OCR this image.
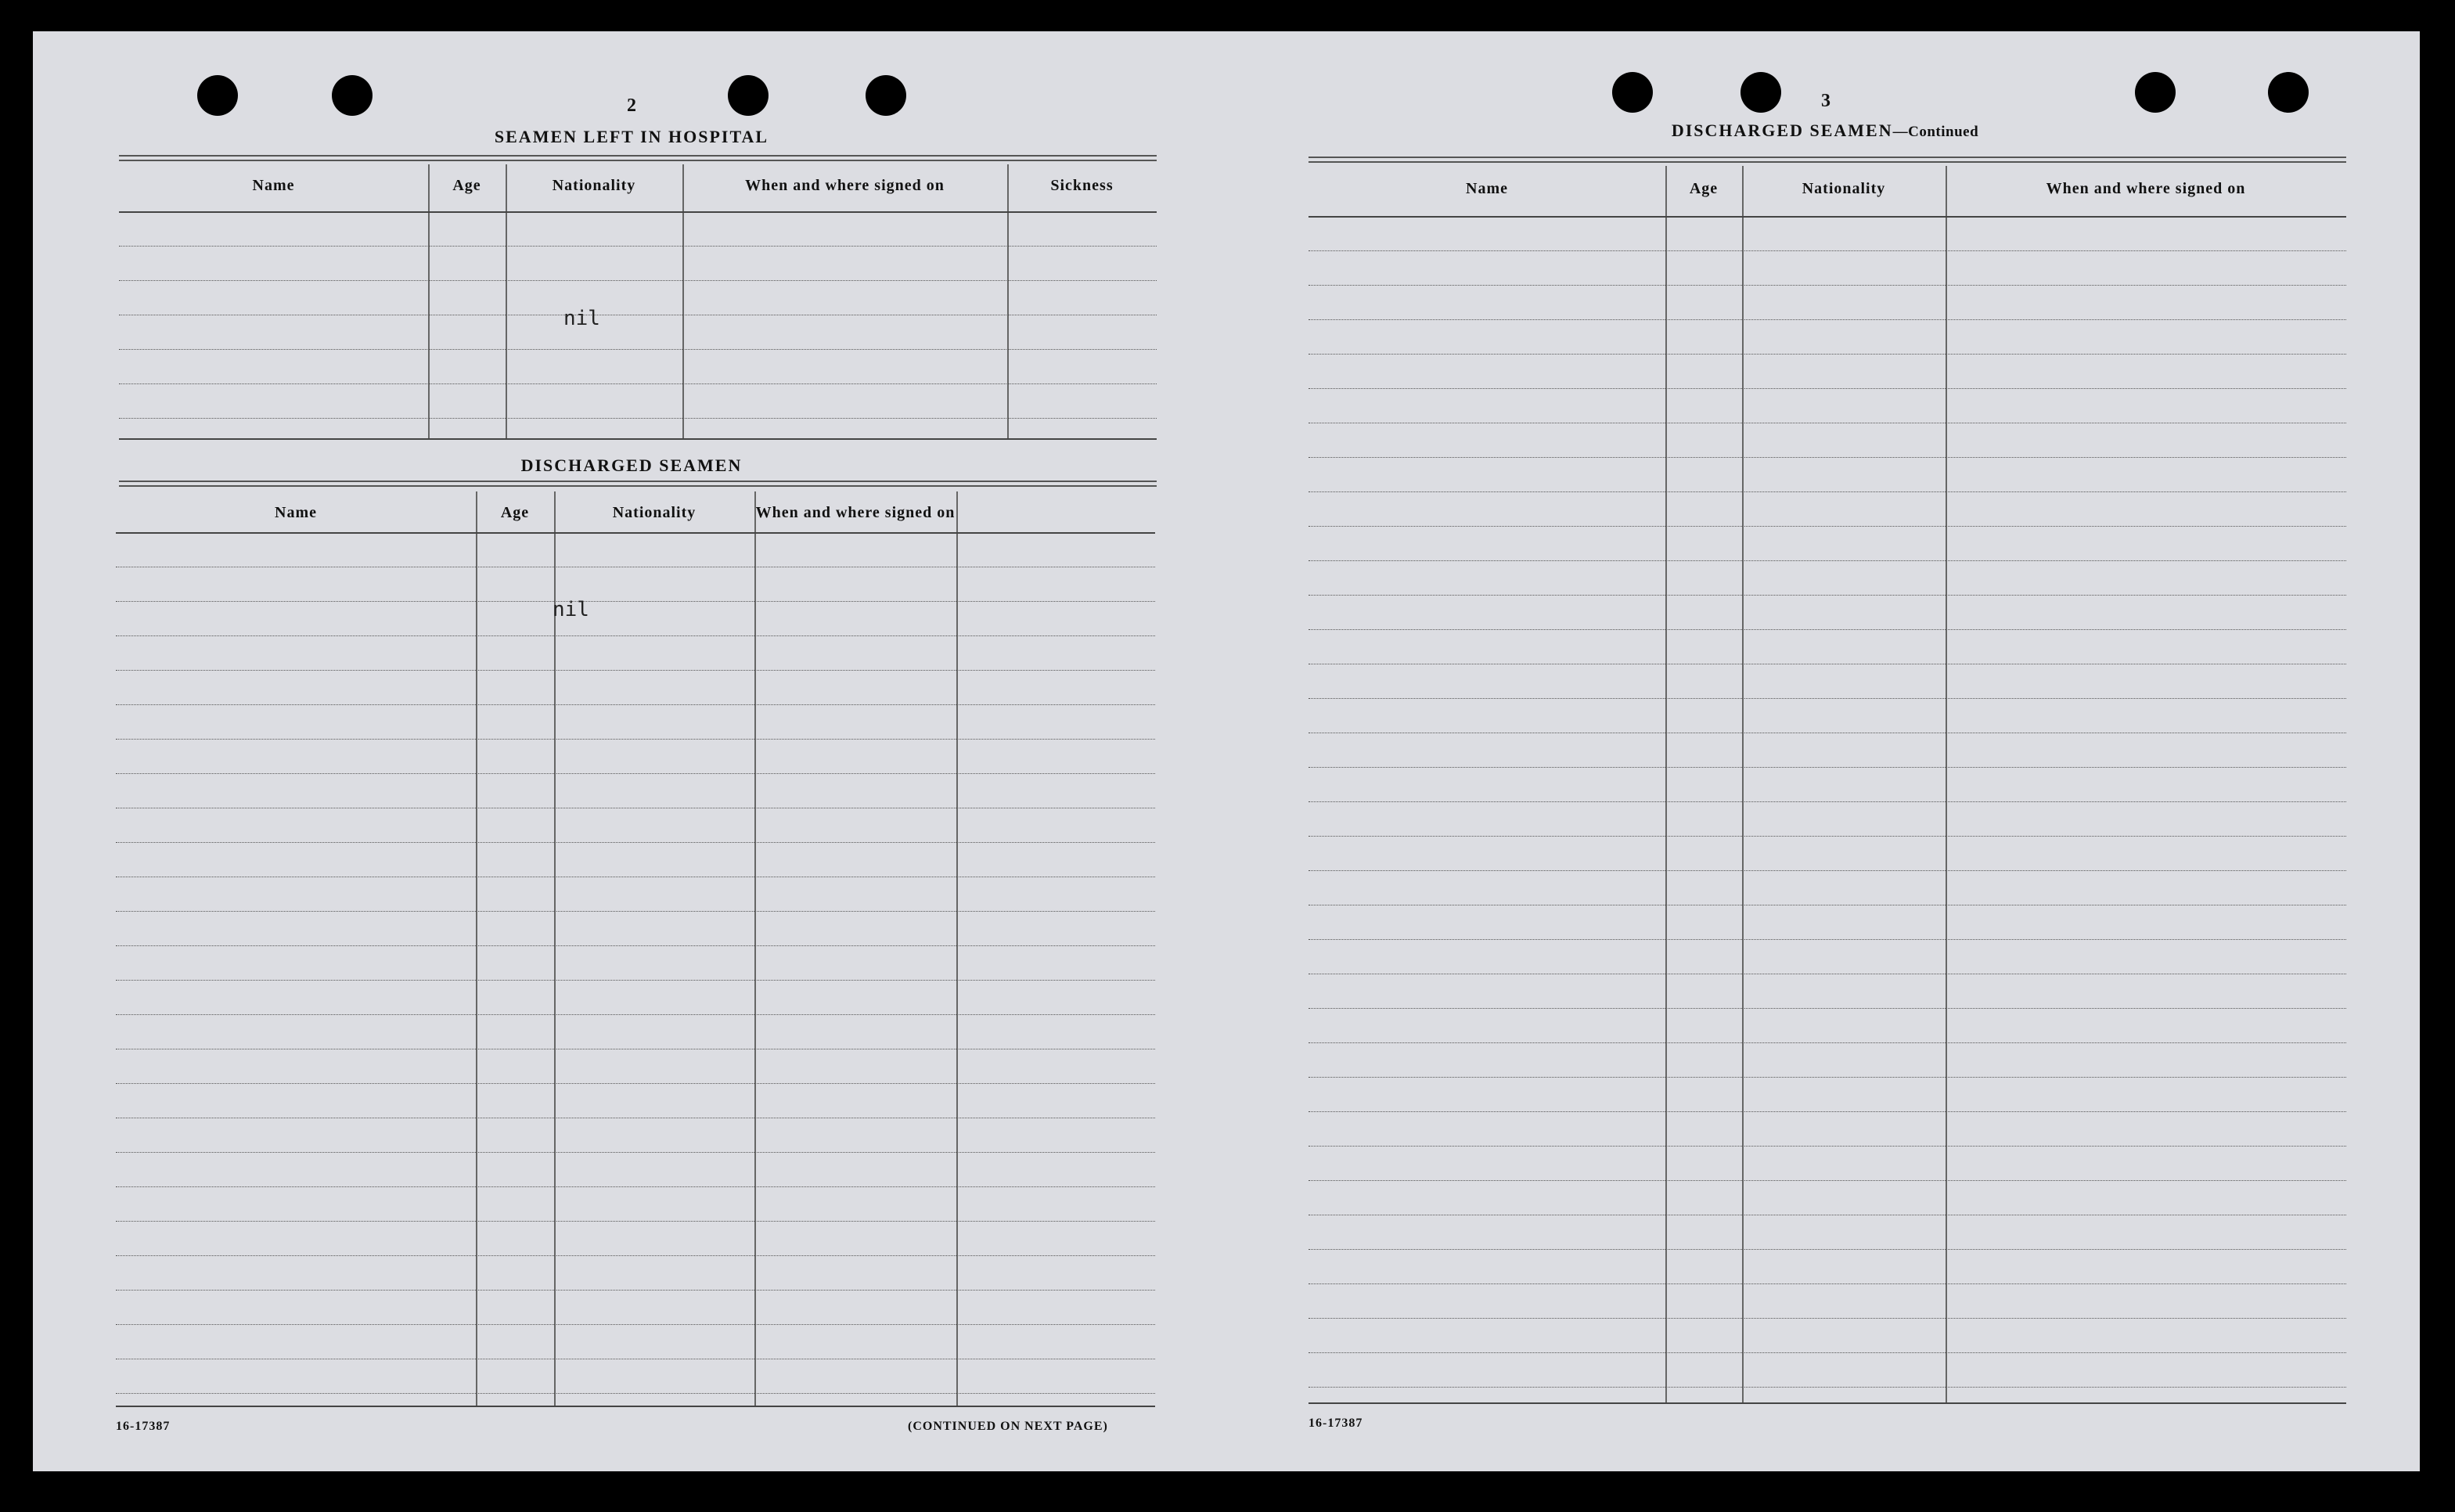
2
SEAMEN LEFT IN HOSPITAL
DISCHARGED SEAMEN
16-17387	(CONTINUED ON NEXT PAGE)
Name	Age	Nationality	When and where signed on	Sickness
Name	Age	Nationality	When and where signed on
nil
nil
3
DISCHARGED SEAMEN—Continued
16-17387
Name	Age	Nationality	When and where signed on
